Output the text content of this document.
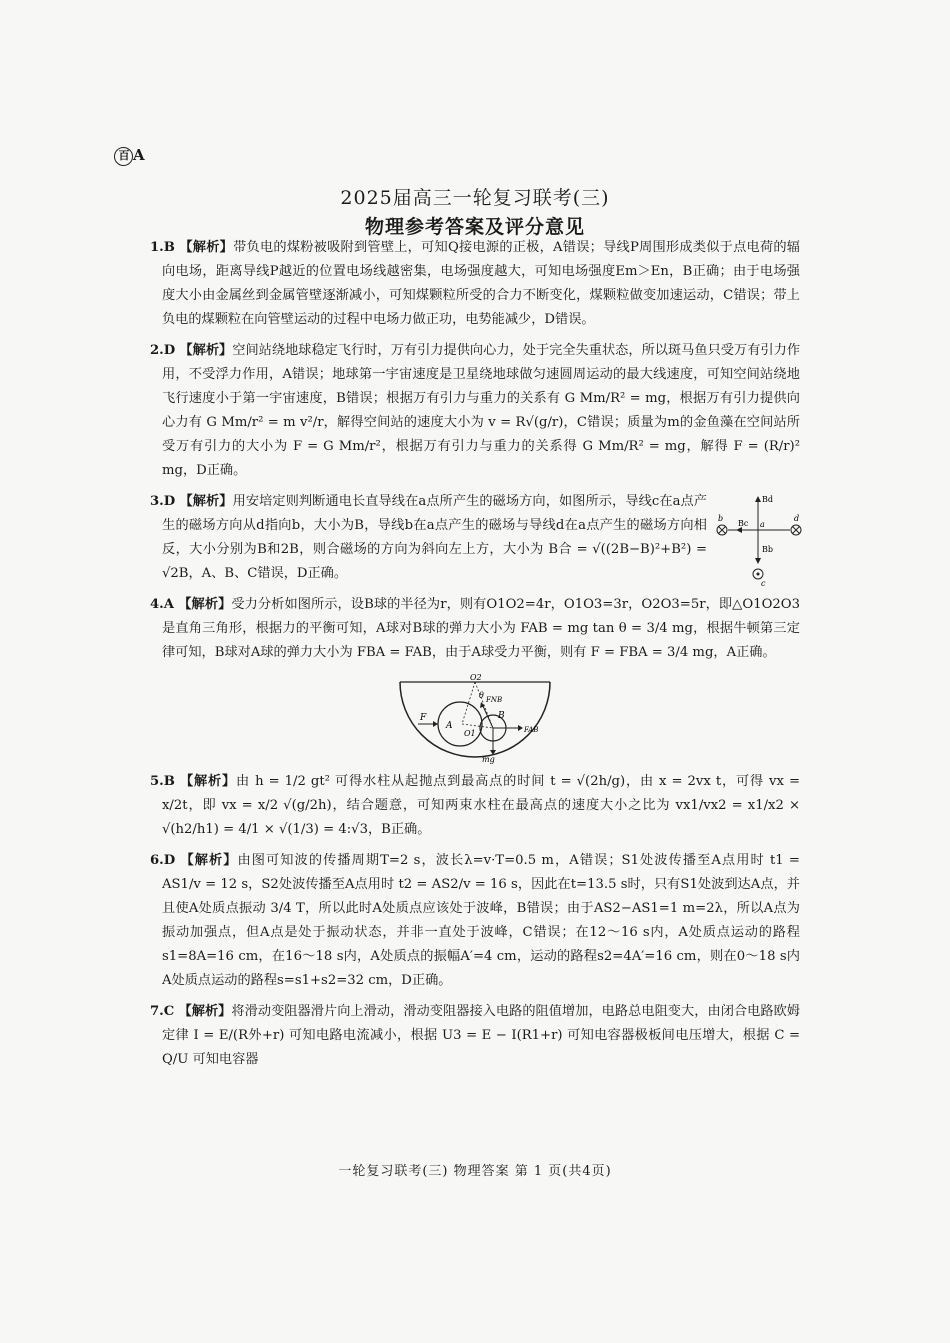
百 A
2025届高三一轮复习联考(三)
物理参考答案及评分意见

1.B 【解析】带负电的煤粉被吸附到管壁上，可知Q接电源的正极，A错误；导线P周围形成类似于点电荷的辐向电场，距离导线P越近的位置电场线越密集，电场强度越大，可知电场强度Em＞En，B正确；由于电场强度大小由金属丝到金属管壁逐渐减小，可知煤颗粒所受的合力不断变化，煤颗粒做变加速运动，C错误；带上负电的煤颗粒在向管壁运动的过程中电场力做正功，电势能减少，D错误。

2.D 【解析】空间站绕地球稳定飞行时，万有引力提供向心力，处于完全失重状态，所以斑马鱼只受万有引力作用，不受浮力作用，A错误；地球第一宇宙速度是卫星绕地球做匀速圆周运动的最大线速度，可知空间站绕地飞行速度小于第一宇宙速度，B错误；根据万有引力与重力的关系有 G Mm/R² = mg，根据万有引力提供向心力有 G Mm/r² = m v²/r，解得空间站的速度大小为 v = R√(g/r)，C错误；质量为m的金鱼藻在空间站所受万有引力的大小为 F = G Mm/r²，根据万有引力与重力的关系得 G Mm/R² = mg，解得 F = (R/r)² mg，D正确。

3.D 【解析】用安培定则判断通电长直导线在a点所产生的磁场方向，如图所示，导线c在a点产生的磁场方向从d指向b，大小为B，导线b在a点产生的磁场与导线d在a点产生的磁场方向相反，大小分别为B和2B，则合磁场的方向为斜向左上方，大小为 B合 = √((2B−B)²+B²) = √2B，A、B、C错误，D正确。
Bd
Bb
Bc a
b
c
d

4.A 【解析】受力分析如图所示，设B球的半径为r，则有O1O2=4r，O1O3=3r，O2O3=5r，即△O1O2O3是直角三角形，根据力的平衡可知，A球对B球的弹力大小为 FAB = mg tan θ = 3/4 mg，根据牛顿第三定律可知，B球对A球的弹力大小为 FBA = FAB，由于A球受力平衡，则有 F = FBA = 3/4 mg，A正确。

O2
O1
θ
F
FNB
FAB
A
B
mg

5.B 【解析】由 h = 1/2 gt² 可得水柱从起抛点到最高点的时间 t = √(2h/g)，由 x = 2vx t，可得 vx = x/2t，即 vx = x/2 √(g/2h)，结合题意，可知两束水柱在最高点的速度大小之比为 vx1/vx2 = x1/x2 × √(h2/h1) = 4/1 × √(1/3) = 4:√3，B正确。

6.D 【解析】由图可知波的传播周期T=2 s，波长λ=v·T=0.5 m，A错误；S1处波传播至A点用时 t1 = AS1/v = 12 s，S2处波传播至A点用时 t2 = AS2/v = 16 s，因此在t=13.5 s时，只有S1处波到达A点，并且使A处质点振动 3/4 T，所以此时A处质点应该处于波峰，B错误；由于AS2−AS1=1 m=2λ，所以A点为振动加强点，但A点是处于振动状态，并非一直处于波峰，C错误；在12～16 s内，A处质点运动的路程s1=8A=16 cm，在16～18 s内，A处质点的振幅A′=4 cm，运动的路程s2=4A′=16 cm，则在0～18 s内A处质点运动的路程s=s1+s2=32 cm，D正确。

7.C 【解析】将滑动变阻器滑片向上滑动，滑动变阻器接入电路的阻值增加，电路总电阻变大，由闭合电路欧姆定律 I = E/(R外+r) 可知电路电流减小，根据 U3 = E − I(R1+r) 可知电容器极板间电压增大，根据 C = Q/U 可知电容器

一轮复习联考(三) 物理答案 第 1 页(共4页)
